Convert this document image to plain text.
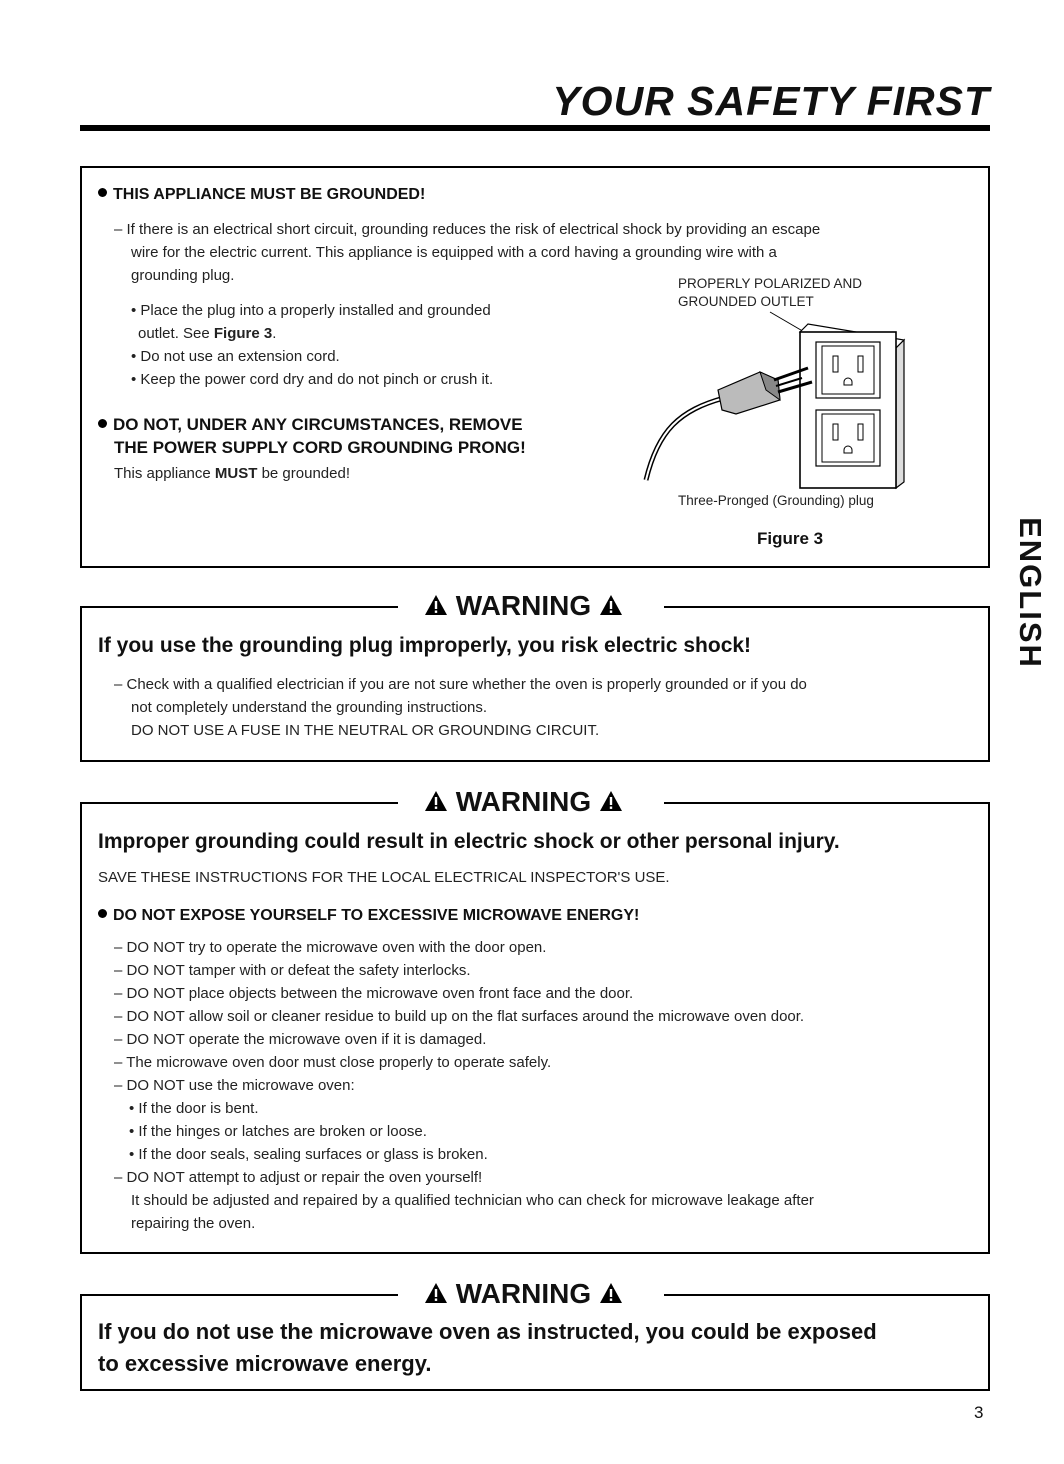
YOUR SAFETY FIRST
ENGLISH
THIS APPLIANCE MUST BE GROUNDED!
– If there is an electrical short circuit, grounding reduces the risk of electrical shock by providing an escape
wire for the electric current. This appliance is equipped with a cord having a grounding wire with a
grounding plug.
• Place the plug into a properly installed and grounded
outlet. See Figure 3.
• Do not use an extension cord.
• Keep the power cord dry and do not pinch or crush it.
DO NOT, UNDER ANY CIRCUMSTANCES, REMOVE
THE POWER SUPPLY CORD GROUNDING PRONG!
This appliance MUST be grounded!
PROPERLY POLARIZED AND
GROUNDED OUTLET
Three-Pronged (Grounding) plug
Figure 3
WARNING
If you use the grounding plug improperly, you risk electric shock!
– Check with a qualified electrician if you are not sure whether the oven is properly grounded or if you do
not completely understand the grounding instructions.
DO NOT USE A FUSE IN THE NEUTRAL OR GROUNDING CIRCUIT.
WARNING
Improper grounding could result in electric shock or other personal injury.
SAVE THESE INSTRUCTIONS FOR THE LOCAL ELECTRICAL INSPECTOR'S USE.
DO NOT EXPOSE YOURSELF TO EXCESSIVE MICROWAVE ENERGY!
– DO NOT try to operate the microwave oven with the door open.
– DO NOT tamper with or defeat the safety interlocks.
– DO NOT place objects between the microwave oven front face and the door.
– DO NOT allow soil or cleaner residue to build up on the flat surfaces around the microwave oven door.
– DO NOT operate the microwave oven if it is damaged.
– The microwave oven door must close properly to operate safely.
– DO NOT use the microwave oven:
• If the door is bent.
• If the hinges or latches are broken or loose.
• If the door seals, sealing surfaces or glass is broken.
– DO NOT attempt to adjust or repair the oven yourself!
It should be adjusted and repaired by a qualified technician who can check for microwave leakage after
repairing the oven.
WARNING
If you do not use the microwave oven as instructed, you could be exposed
to excessive microwave energy.
3
